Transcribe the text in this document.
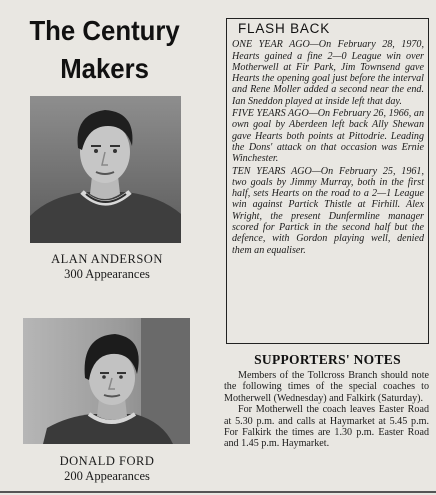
The Century
Makers
ALAN ANDERSON
300 Appearances
DONALD FORD
200 Appearances
FLASH BACK

ONE YEAR AGO—On February 28, 1970, Hearts gained a fine 2—0 League win over Motherwell at Fir Park, Jim Townsend gave Hearts the opening goal just before the interval and Rene Moller added a second near the end. Ian Sneddon played at inside left that day.

FIVE YEARS AGO—On February 26, 1966, an own goal by Aberdeen left back Ally Shewan gave Hearts both points at Pittodrie. Leading the Dons' attack on that occasion was Ernie Winchester.

TEN YEARS AGO—On February 25, 1961, two goals by Jimmy Murray, both in the first half, sets Hearts on the road to a 2—1 League win against Partick Thistle at Firhill. Alex Wright, the present Dunfermline manager scored for Partick in the second half but the defence, with Gordon playing well, denied them an equaliser.

SUPPORTERS' NOTES

Members of the Tollcross Branch should note the following times of the special coaches to Motherwell (Wednesday) and Falkirk (Saturday).

For Motherwell the coach leaves Easter Road at 5.30 p.m. and calls at Haymarket at 5.45 p.m. For Falkirk the times are 1.30 p.m. Easter Road and 1.45 p.m. Haymarket.
